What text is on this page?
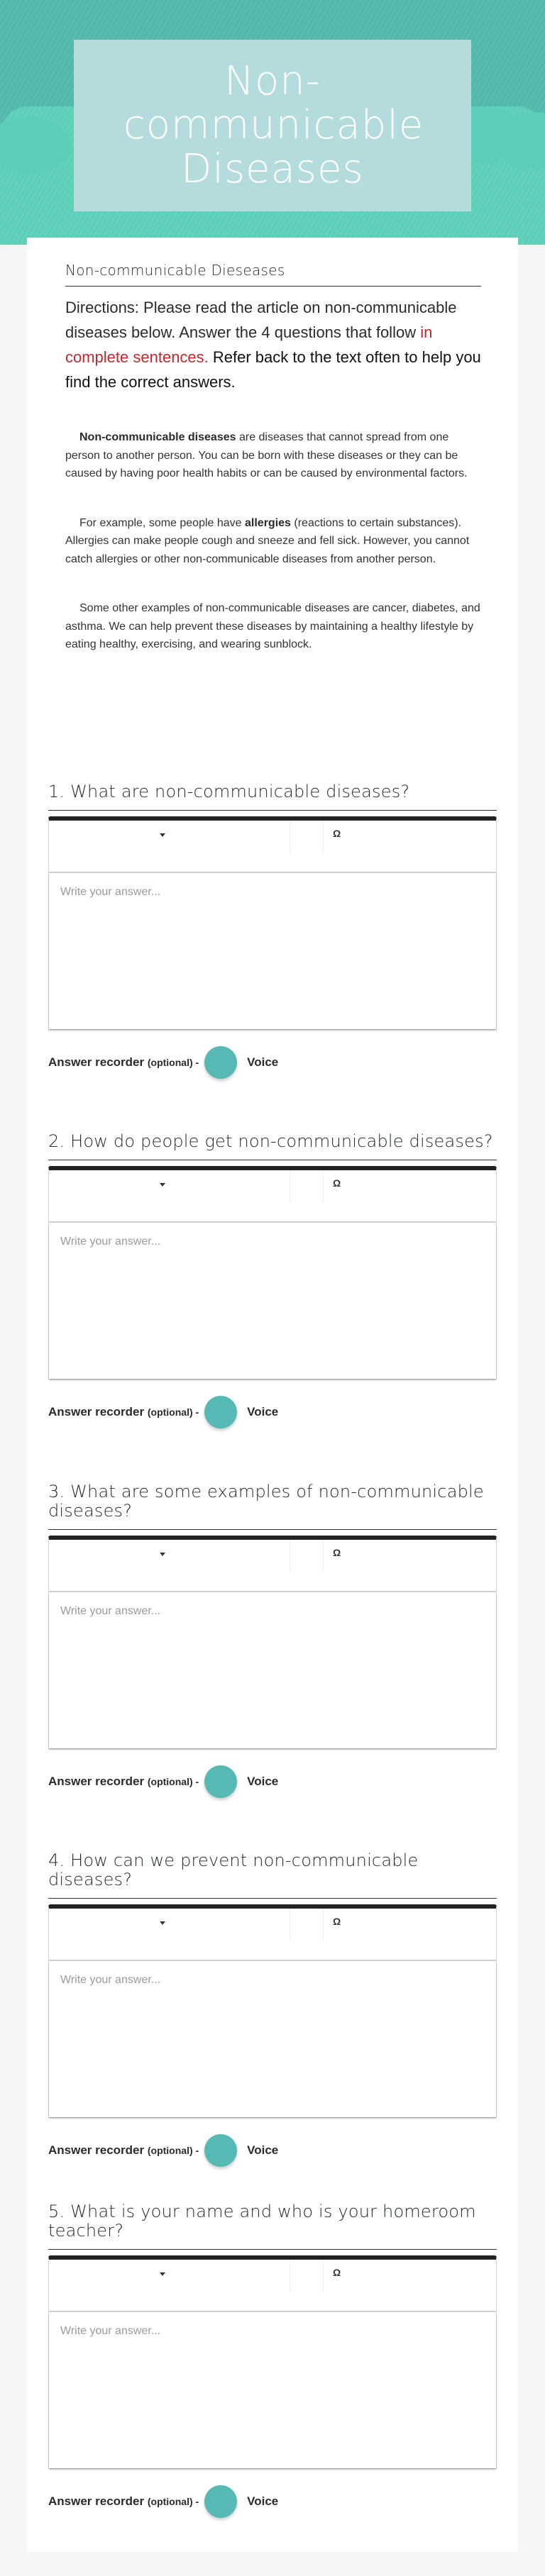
Non-communicable Diseases
Non-communicable Dieseases

Directions: Please read the article on non-communicable diseases below. Answer the 4 questions that follow in complete sentences. Refer back to the text often to help you find the correct answers.

Non-communicable diseases are diseases that cannot spread from one person to another person. You can be born with these diseases or they can be caused by having poor health habits or can be caused by environmental factors.

For example, some people have allergies (reactions to certain substances). Allergies can make people cough and sneeze and fell sick. However, you cannot catch allergies or other non-communicable diseases from another person.

Some other examples of non-communicable diseases are cancer, diabetes, and asthma. We can help prevent these diseases by maintaining a healthy lifestyle by eating healthy, exercising, and wearing sunblock.

1. What are non-communicable diseases?
Ω
Write your answer...
Answer recorder (optional) -	Voice
2. How do people get non-communicable diseases?
Ω
Write your answer...
Answer recorder (optional) -	Voice
3. What are some examples of non-communicable diseases?
Ω
Write your answer...
Answer recorder (optional) -	Voice
4. How can we prevent non-communicable diseases?
Ω
Write your answer...
Answer recorder (optional) -	Voice
5. What is your name and who is your homeroom teacher?
Ω
Write your answer...
Answer recorder (optional) -	Voice
